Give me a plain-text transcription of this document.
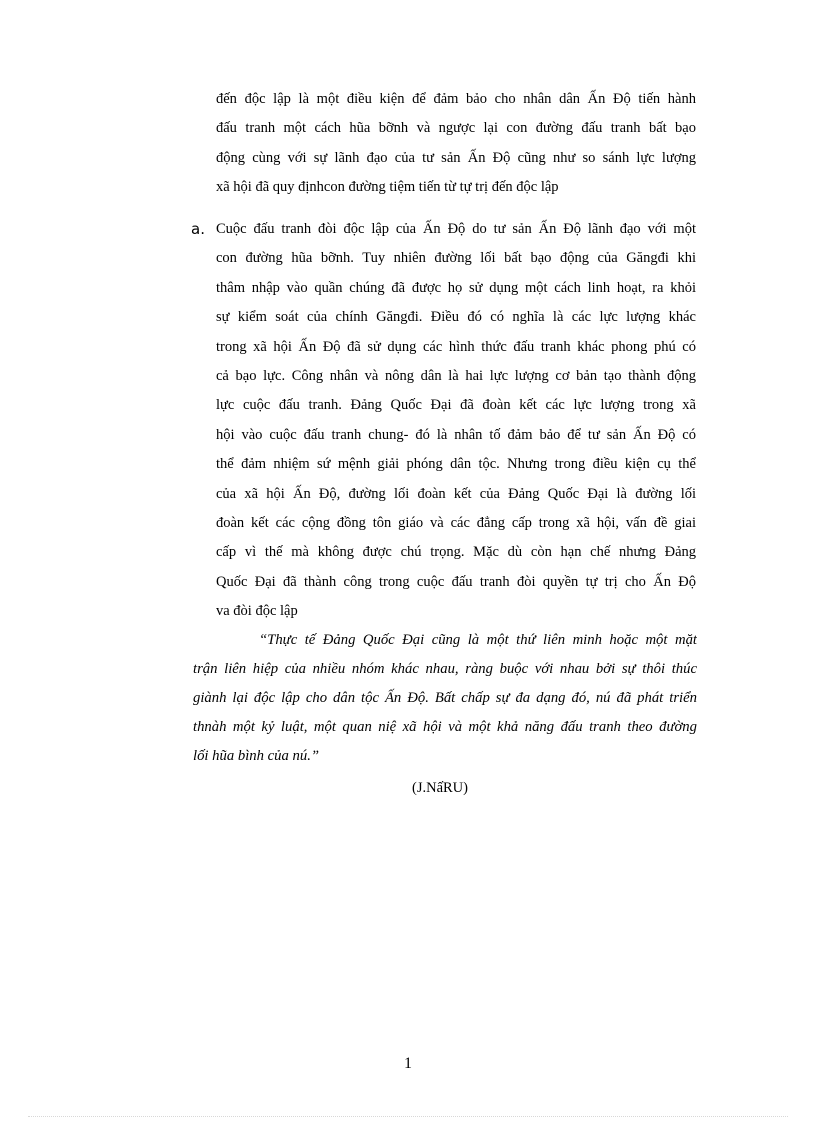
đến độc lập là một điều kiện để đảm bảo cho nhân dân Ấn Độ tiến hành
đấu tranh một cách hũa bỡnh và ngược lại con đường đấu tranh bất bạo
động cùng với sự lãnh đạo của tư sản Ấn Độ cũng như so sánh lực lượng
xã hội đã quy địnhcon đường tiệm tiến từ tự trị đến độc lập
a. Cuộc đấu tranh đòi độc lập của Ấn Độ do tư sản Ấn Độ lãnh đạo với một
con đường hũa bỡnh. Tuy nhiên đường lối bất bạo động của Găngđi khi
thâm nhập vào quần chúng đã được họ sử dụng một cách linh hoạt, ra khỏi
sự kiểm soát của chính Găngđi. Điều đó có nghĩa là các lực lượng khác
trong xã hội Ấn Độ đã sử dụng các hình thức đấu tranh khác phong phú có
cả bạo lực. Công nhân và nông dân là hai lực lượng cơ bản tạo thành động
lực cuộc đấu tranh. Đảng Quốc Đại đã đoàn kết các lực lượng trong xã
hội vào cuộc đấu tranh chung- đó là nhân tố đảm bảo để tư sản Ấn Độ có
thể đảm nhiệm sứ mệnh giải phóng dân tộc. Nhưng trong điều kiện cụ thể
của xã hội Ấn Độ, đường lối đoàn kết của Đảng Quốc Đại là đường lối
đoàn kết các cộng đồng tôn giáo và các đẳng cấp trong xã hội, vấn đề giai
cấp vì thế mà không được chú trọng. Mặc dù còn hạn chế nhưng Đảng
Quốc Đại đã thành công trong cuộc đấu tranh đòi quyền tự trị cho Ấn Độ
va đòi độc lập
“Thực tế Đảng Quốc Đại cũng là một thứ liên minh hoặc một mặt
trận liên hiệp của nhiều nhóm khác nhau, ràng buộc với nhau bởi sự thôi thúc
giành lại độc lập cho dân tộc Ấn Độ. Bất chấp sự đa dạng đó, nú đã phát triển
thnàh một kỷ luật, một quan niệ xã hội và một khả năng đấu tranh theo đường
lối hũa bình của nú.”
(J.NấRU)
1
